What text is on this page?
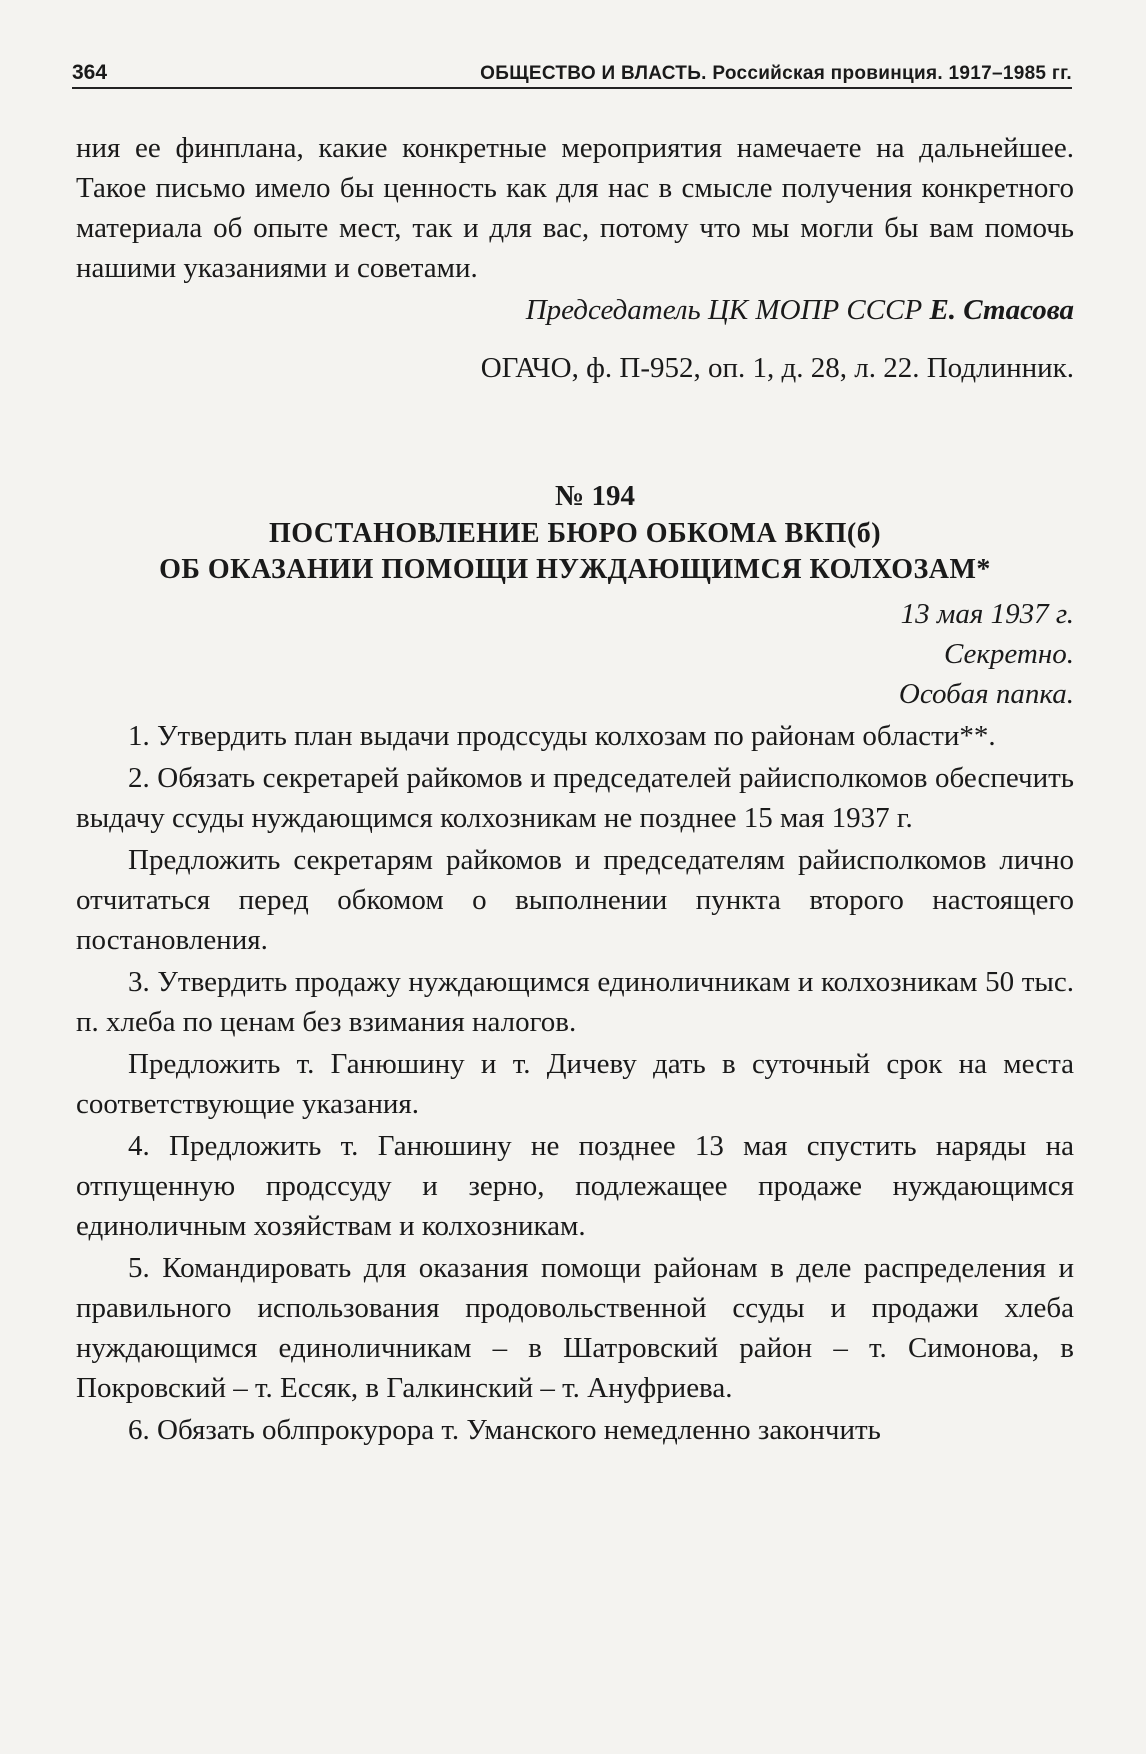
364	ОБЩЕСТВО И ВЛАСТЬ. Российская провинция. 1917–1985 гг.

ния ее финплана, какие конкретные мероприятия намечаете на дальнейшее. Такое письмо имело бы ценность как для нас в смысле получения конкретного материала об опыте мест, так и для вас, потому что мы могли бы вам помочь нашими указаниями и советами.

Председатель ЦК МОПР СССР Е. Стасова

ОГАЧО, ф. П-952, оп. 1, д. 28, л. 22. Подлинник.

№ 194

ПОСТАНОВЛЕНИЕ БЮРО ОБКОМА ВКП(б)

ОБ ОКАЗАНИИ ПОМОЩИ НУЖДАЮЩИМСЯ КОЛХОЗАМ*

13 мая 1937 г.

Секретно.

Особая папка.

1. Утвердить план выдачи продссуды колхозам по районам области**.

2. Обязать секретарей райкомов и председателей райисполкомов обеспечить выдачу ссуды нуждающимся колхозникам не позднее 15 мая 1937 г.

Предложить секретарям райкомов и председателям райисполкомов лично отчитаться перед обкомом о выполнении пункта второго настоящего постановления.

3. Утвердить продажу нуждающимся единоличникам и колхозникам 50 тыс. п. хлеба по ценам без взимания налогов.

Предложить т. Ганюшину и т. Дичеву дать в суточный срок на места соответствующие указания.

4. Предложить т. Ганюшину не позднее 13 мая спустить наряды на отпущенную продссуду и зерно, подлежащее продаже нуждающимся единоличным хозяйствам и колхозникам.

5. Командировать для оказания помощи районам в деле распределения и правильного использования продовольственной ссуды и продажи хлеба нуждающимся единоличникам – в Шатровский район – т. Симонова, в Покровский – т. Ессяк, в Галкинский – т. Ануфриева.

6. Обязать облпрокурора т. Уманского немедленно закончить
